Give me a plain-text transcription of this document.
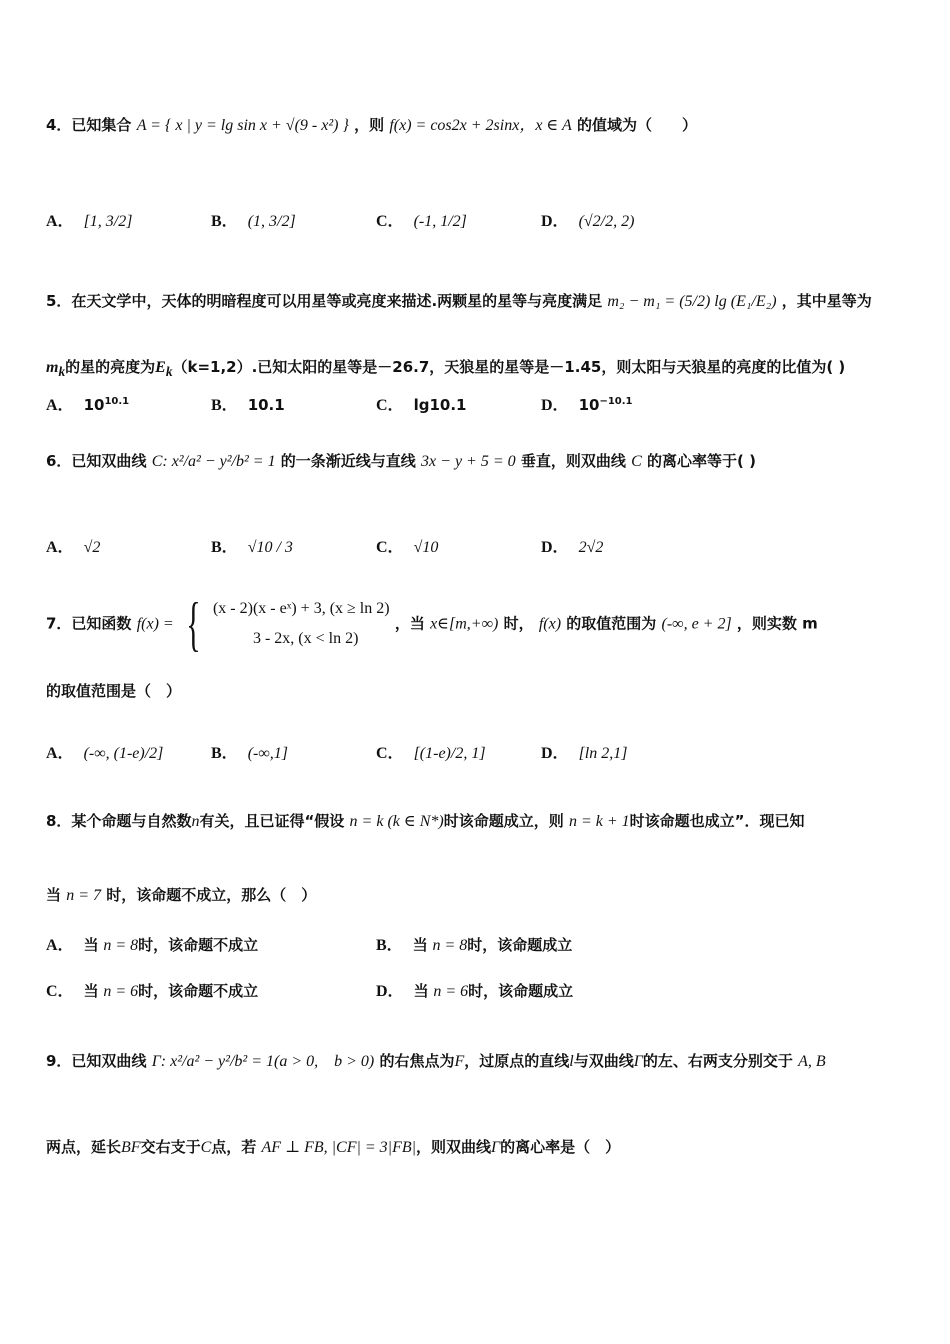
4．已知集合 A = { x | y = lg sin x + √(9 - x²) } ，则 f(x) = cos2x + 2sinx，x ∈ A 的值域为（　　）
A． [1, 3/2]	B． (1, 3/2]	C． (-1, 1/2]	D． (√2/2, 2)
5．在天文学中，天体的明暗程度可以用星等或亮度来描述.两颗星的星等与亮度满足 m₂ − m₁ = (5/2) lg (E₁/E₂) ，其中星等为
$m_k$的星的亮度为$E_k(k=1,2)$.已知太阳的星等是－26.7，天狼星的星等是－1.45，则太阳与天狼星的亮度的比值为( )
A． $10^{10.1}$	B． 10.1	C． lg10.1	D． $10^{-10.1}$
6．已知双曲线 C: x²/a² − y²/b² = 1 的一条渐近线与直线 3x − y + 5 = 0 垂直，则双曲线 C 的离心率等于( )
A． √2	B． √10 / 3	C． √10	D． 2√2
7．已知函数 f(x) = { (x - 2)(x - eˣ) + 3, (x ≥ ln 2)
3 - 2x, (x < ln 2)
，当 x∈[m,+∞) 时， f(x) 的取值范围为 (-∞, e + 2] ，则实数 m
的取值范围是（　）
A． (-∞, (1-e)/2]	B． (-∞,1]	C． [(1-e)/2, 1]	D． [ln 2,1]
8．某个命题与自然数n有关，且已证得“假设 n = k (k ∈ N*)时该命题成立，则 n = k + 1时该命题也成立”．现已知
当 n = 7 时，该命题不成立，那么（　）
A． 当 n = 8时，该命题不成立	B． 当 n = 8时，该命题成立
C． 当 n = 6时，该命题不成立	D． 当 n = 6时，该命题成立
9．已知双曲线 Γ: x²/a² − y²/b² = 1(a > 0,　b > 0) 的右焦点为F，过原点的直线l与双曲线Γ的左、右两支分别交于 A, B
两点，延长BF交右支于C点，若 AF ⊥ FB, |CF| = 3|FB|，则双曲线Γ的离心率是（　）
